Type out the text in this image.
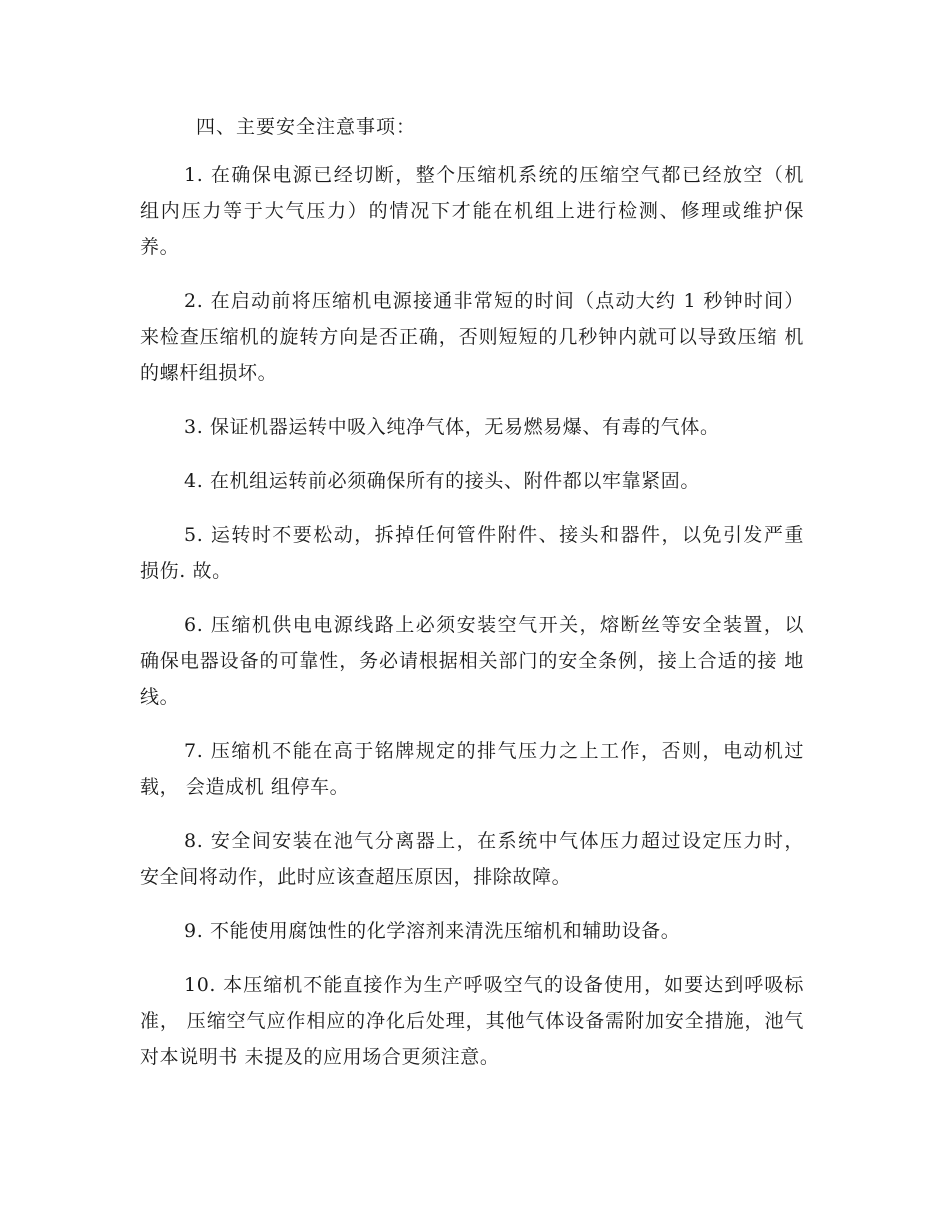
四、主要安全注意事项：

1. 在确保电源已经切断，整个压缩机系统的压缩空气都已经放空（机 组内压力等于大气压力）的情况下才能在机组上进行检测、修理或维护保养。

2. 在启动前将压缩机电源接通非常短的时间（点动大约 1 秒钟时间） 来检查压缩机的旋转方向是否正确，否则短短的几秒钟内就可以导致压缩 机的螺杆组损坏。

3. 保证机器运转中吸入纯净气体，无易燃易爆、有毒的气体。

4. 在机组运转前必须确保所有的接头、附件都以牢靠紧固。

5. 运转时不要松动，拆掉任何管件附件、接头和器件，以免引发严重 损伤. 故。

6. 压缩机供电电源线路上必须安装空气开关，熔断丝等安全装置，以 确保电器设备的可靠性，务必请根据相关部门的安全条例，接上合适的接 地线。

7. 压缩机不能在高于铭牌规定的排气压力之上工作，否则，电动机过载， 会造成机 组停车。

8. 安全间安装在池气分离器上，在系统中气体压力超过设定压力时， 安全间将动作，此时应该查超压原因，排除故障。

9. 不能使用腐蚀性的化学溶剂来清洗压缩机和辅助设备。

10. 本压缩机不能直接作为生产呼吸空气的设备使用，如要达到呼吸标准， 压缩空气应作相应的净化后处理，其他气体设备需附加安全措施，池气对本说明书 未提及的应用场合更须注意。
